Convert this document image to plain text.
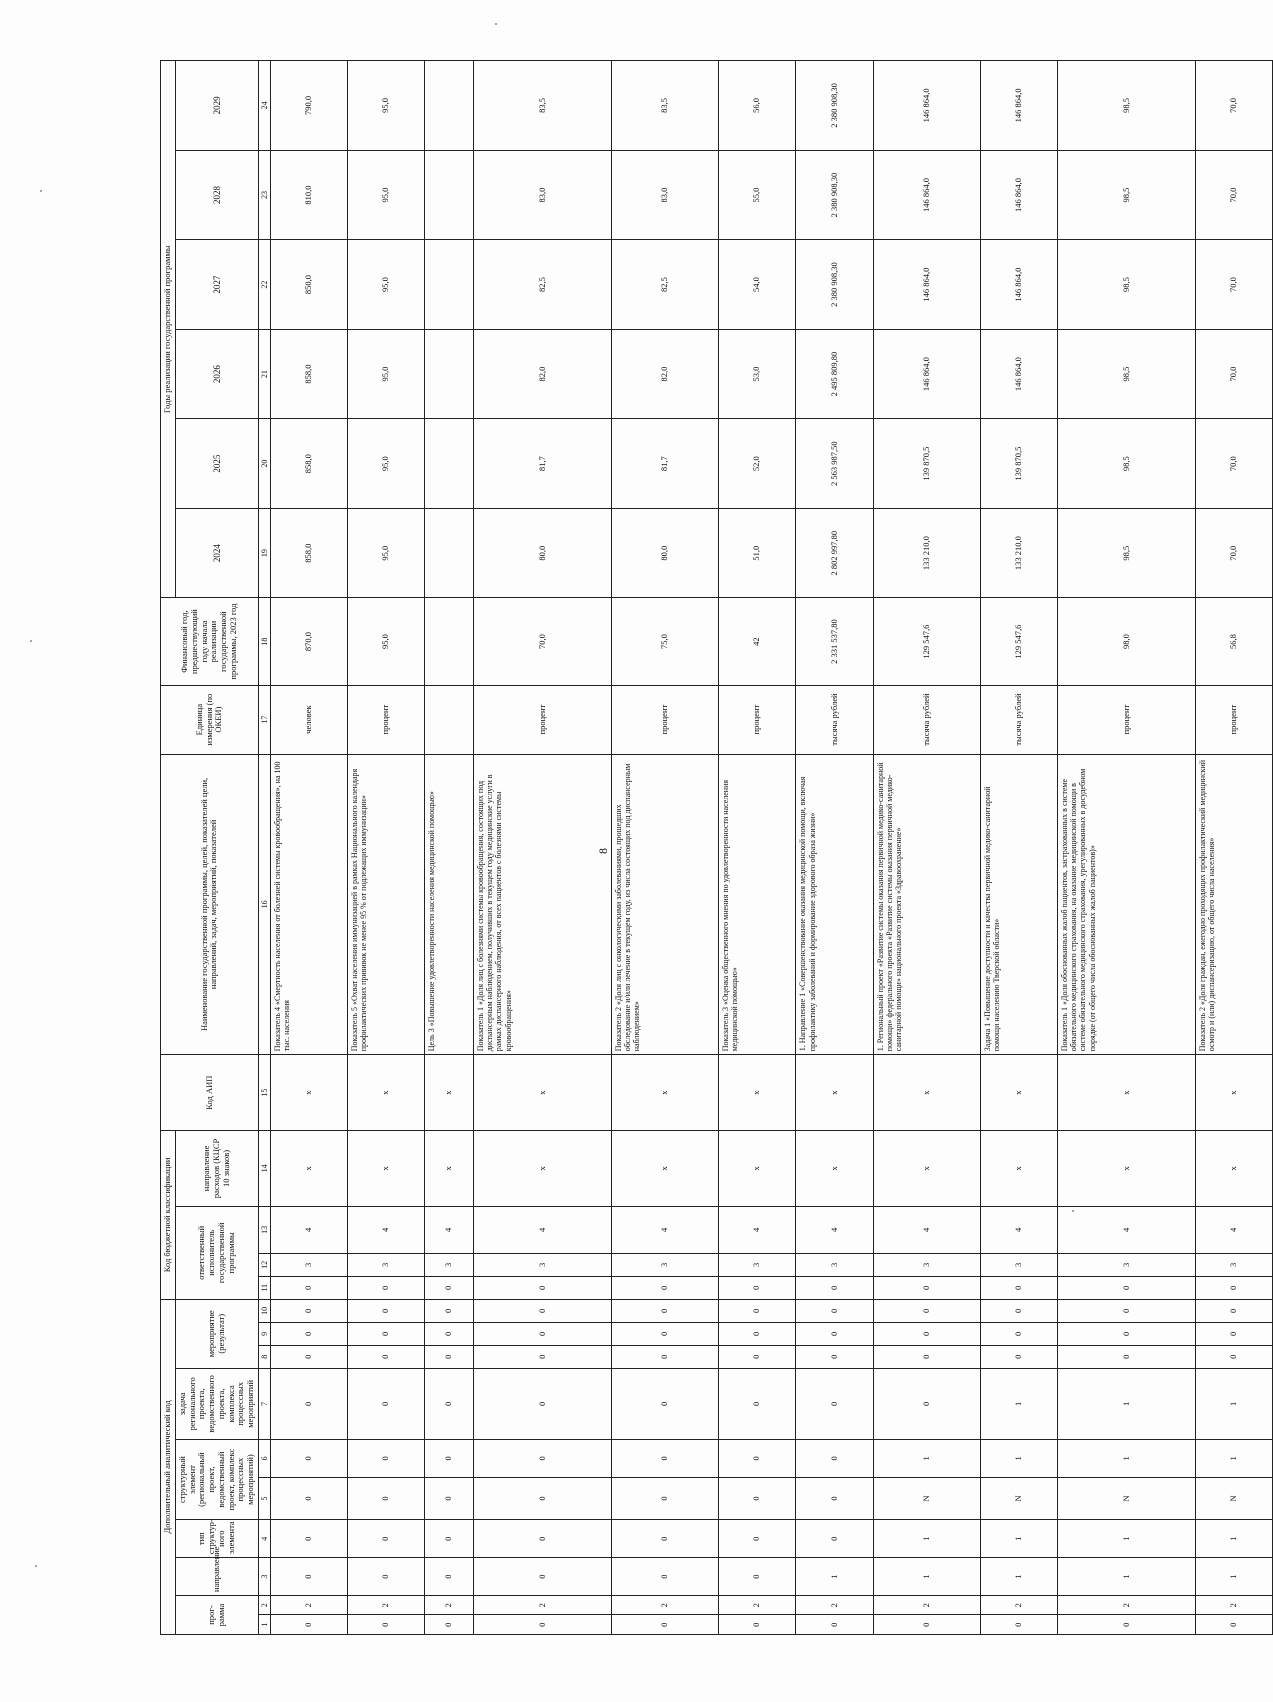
8
Дополнительный аналитический код										Код бюджетной классификации				Код АИП	Наименование государственной программы, целей, показателей цели, направлений, задач, мероприятий, показателей	Единица измерения (по ОКЕИ)	Финансовый год, предшествующий году начала реализации государственной программы, 2023 год	Годы реализации государственной программы					
прог-рамма		направление	тип структур-ного элемента	структурный элемент (региональный проект, ведомственный проект, комплекс процессных мероприятий)		задача регионального проекта, ведомственного проекта, комплекса процессных мероприятий	мероприятие (результат)			ответственный исполнитель государственной программы			направление расходов (КЦСР 10 знаков)					2024	2025	2026	2027	2028	2029

1	2	3	4	5	6	7	8	9	10	11	12	13	14	15	16	17	18	19	20	21	22	23	24
0	2	0	0	0	0	0	0	0	0	0	3	4	x	x	Показатель 4 «Смертность населения от болезней системы кровообращения», на 100 тыс. населения	человек	870,0	858,0	858,0	858,0	850,0	810,0	790,0
0	2	0	0	0	0	0	0	0	0	0	3	4	x	x	Показатель 5 «Охват населения иммунизацией в рамках Национального календаря профилактических прививок не менее 95 % от подлежащих иммунизации»	процент	95,0	95,0	95,0	95,0	95,0	95,0	95,0
0	2	0	0	0	0	0	0	0	0	0	3	4	x	x	Цель 3 «Повышение удовлетворенности населения медицинской помощью»								
0	2	0	0	0	0	0	0	0	0	0	3	4	x	x	Показатель 1 «Доля лиц с болезнями системы кровообращения, состоящих под диспансерным наблюдением, получивших в текущем году медицинские услуги в рамках диспансерного наблюдения, от всех пациентов с болезнями системы кровообращения»	процент	70,0	80,0	81,7	82,0	82,5	83,0	83,5
0	2	0	0	0	0	0	0	0	0	0	3	4	x	x	Показатель 2 «Доля лиц с онкологическими заболеваниями, прошедших обследование и/или лечение в текущем году, из числа состоящих под диспансерным наблюдением»	процент	75,0	80,0	81,7	82,0	82,5	83,0	83,5
0	2	0	0	0	0	0	0	0	0	0	3	4	x	x	Показатель 3 «Оценка общественного мнения по удовлетворенности населения медицинской помощью»	процент	42	51,0	52,0	53,0	54,0	55,0	56,0
0	2	1	0	0	0	0	0	0	0	0	3	4	x	x	1. Направление 1 «Совершенствование оказания медицинской помощи, включая профилактику заболеваний и формирование здорового образа жизни»	тысяча рублей	2 331 537,80	2 802 997,80	2 563 987,50	2 495 809,80	2 380 908,30	2 380 908,30	2 380 908,30
0	2	1	1	N	1	0	0	0	0	0	3	4	x	x	1. Региональный проект «Развитие системы оказания первичной медико-санитарной помощи» федерального проекта «Развитие системы оказания первичной медико-санитарной помощи» национального проекта «Здравоохранение»	тысяча рублей	129 547,6	133 210,0	139 870,5	146 864,0	146 864,0	146 864,0	146 864,0
0	2	1	1	N	1	1	0	0	0	0	3	4	x	x	Задача 1 «Повышение доступности и качества первичной медико-санитарной помощи населению Тверской области»	тысяча рублей	129 547,6	133 210,0	139 870,5	146 864,0	146 864,0	146 864,0	146 864,0
0	2	1	1	N	1	1	0	0	0	0	3	4	x	x	Показатель 1 «Доля обоснованных жалоб пациентов, застрахованных в системе обязательного медицинского страхования, на оказание медицинской помощи в системе обязательного медицинского страхования, урегулированных в досудебном порядке (от общего числа обоснованных жалоб пациентов)»	процент	98,0	98,5	98,5	98,5	98,5	98,5	98,5
0	2	1	1	N	1	1	0	0	0	0	3	4	x	x	Показатель 2 «Доля граждан, ежегодно проходящих профилактический медицинский осмотр и (или) диспансеризацию, от общего числа населения»	процент	56,8	70,0	70,0	70,0	70,0	70,0	70,0
